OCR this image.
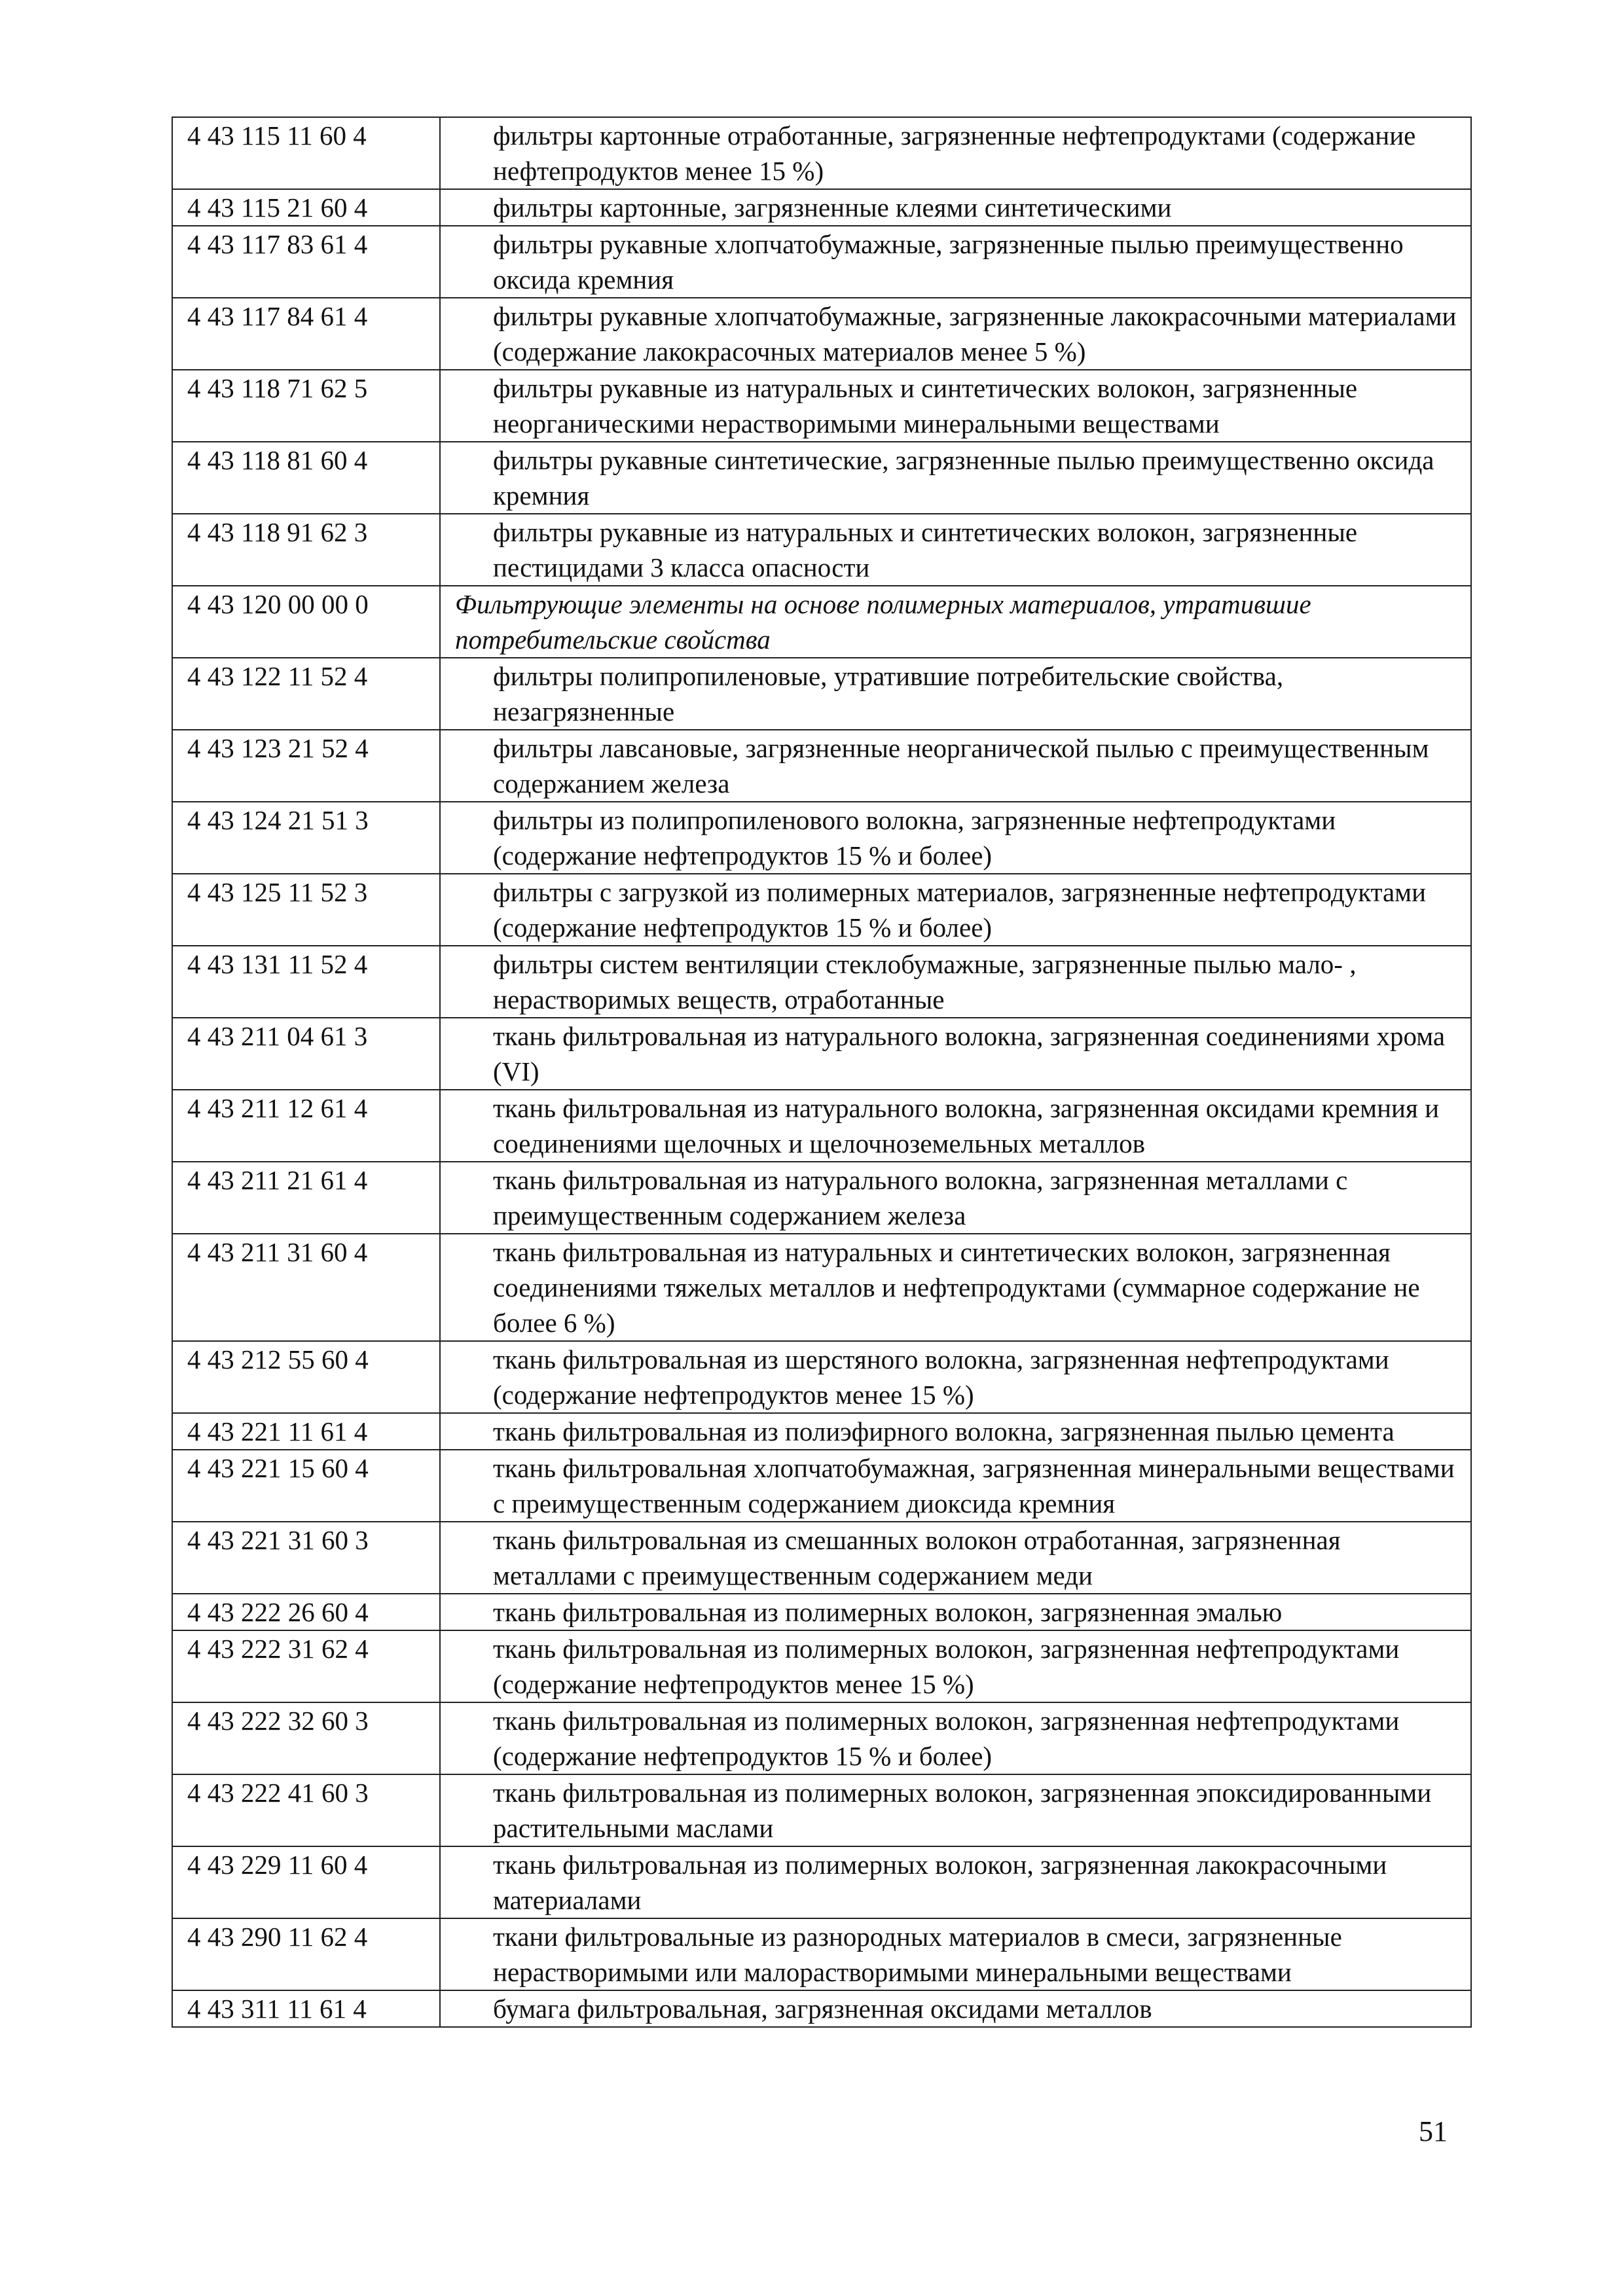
4 43 115 11 60 4	фильтры картонные отработанные, загрязненные нефтепродуктами (содержание нефтепродуктов менее 15 %)
4 43 115 21 60 4	фильтры картонные, загрязненные клеями синтетическими
4 43 117 83 61 4	фильтры рукавные хлопчатобумажные, загрязненные пылью преимущественно оксида кремния
4 43 117 84 61 4	фильтры рукавные хлопчатобумажные, загрязненные лакокрасочными материалами (содержание лакокрасочных материалов менее 5 %)
4 43 118 71 62 5	фильтры рукавные из натуральных и синтетических волокон, загрязненные неорганическими нерастворимыми минеральными веществами
4 43 118 81 60 4	фильтры рукавные синтетические, загрязненные пылью преимущественно оксида кремния
4 43 118 91 62 3	фильтры рукавные из натуральных и синтетических волокон, загрязненные пестицидами 3 класса опасности
4 43 120 00 00 0	Фильтрующие элементы на основе полимерных материалов, утратившие потребительские свойства
4 43 122 11 52 4	фильтры полипропиленовые, утратившие потребительские свойства, незагрязненные
4 43 123 21 52 4	фильтры лавсановые, загрязненные неорганической пылью с преимущественным содержанием железа
4 43 124 21 51 3	фильтры из полипропиленового волокна, загрязненные нефтепродуктами (содержание нефтепродуктов 15 % и более)
4 43 125 11 52 3	фильтры с загрузкой из полимерных материалов, загрязненные нефтепродуктами (содержание нефтепродуктов 15 % и более)
4 43 131 11 52 4	фильтры систем вентиляции стеклобумажные, загрязненные пылью мало- , нерастворимых веществ, отработанные
4 43 211 04 61 3	ткань фильтровальная из натурального волокна, загрязненная соединениями хрома (VI)
4 43 211 12 61 4	ткань фильтровальная из натурального волокна, загрязненная оксидами кремния и соединениями щелочных и щелочноземельных металлов
4 43 211 21 61 4	ткань фильтровальная из натурального волокна, загрязненная металлами с преимущественным содержанием железа
4 43 211 31 60 4	ткань фильтровальная из натуральных и синтетических волокон, загрязненная соединениями тяжелых металлов и нефтепродуктами (суммарное содержание не более 6 %)
4 43 212 55 60 4	ткань фильтровальная из шерстяного волокна, загрязненная нефтепродуктами (содержание нефтепродуктов менее 15 %)
4 43 221 11 61 4	ткань фильтровальная из полиэфирного волокна, загрязненная пылью цемента
4 43 221 15 60 4	ткань фильтровальная хлопчатобумажная, загрязненная минеральными веществами с преимущественным содержанием диоксида кремния
4 43 221 31 60 3	ткань фильтровальная из смешанных волокон отработанная, загрязненная металлами с преимущественным содержанием меди
4 43 222 26 60 4	ткань фильтровальная из полимерных волокон, загрязненная эмалью
4 43 222 31 62 4	ткань фильтровальная из полимерных волокон, загрязненная нефтепродуктами (содержание нефтепродуктов менее 15 %)
4 43 222 32 60 3	ткань фильтровальная из полимерных волокон, загрязненная нефтепродуктами (содержание нефтепродуктов 15 % и более)
4 43 222 41 60 3	ткань фильтровальная из полимерных волокон, загрязненная эпоксидированными растительными маслами
4 43 229 11 60 4	ткань фильтровальная из полимерных волокон, загрязненная лакокрасочными материалами
4 43 290 11 62 4	ткани фильтровальные из разнородных материалов в смеси, загрязненные нерастворимыми или малорастворимыми минеральными веществами
4 43 311 11 61 4	бумага фильтровальная, загрязненная оксидами металлов
51
